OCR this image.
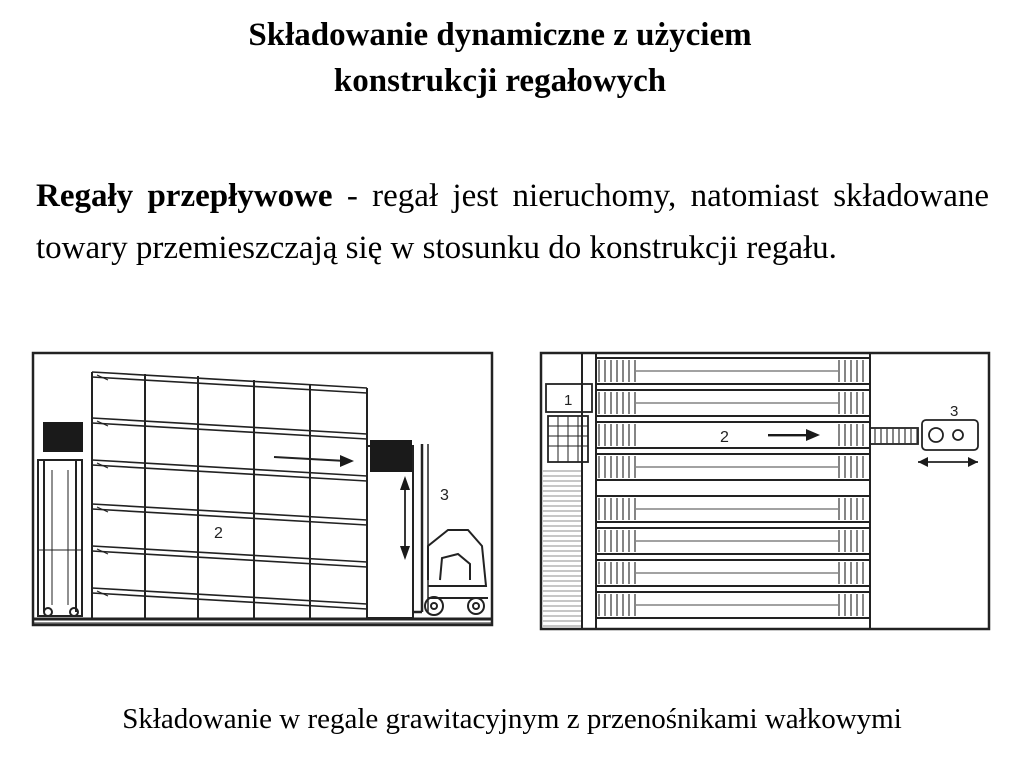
Składowanie dynamiczne z użyciem
konstrukcji regałowych
Regały przepływowe - regał jest nieruchomy, natomiast składowane towary przemieszczają się w stosunku do konstrukcji regału.
2
3
1
2
3
Składowanie w regale grawitacyjnym z przenośnikami wałkowymi
